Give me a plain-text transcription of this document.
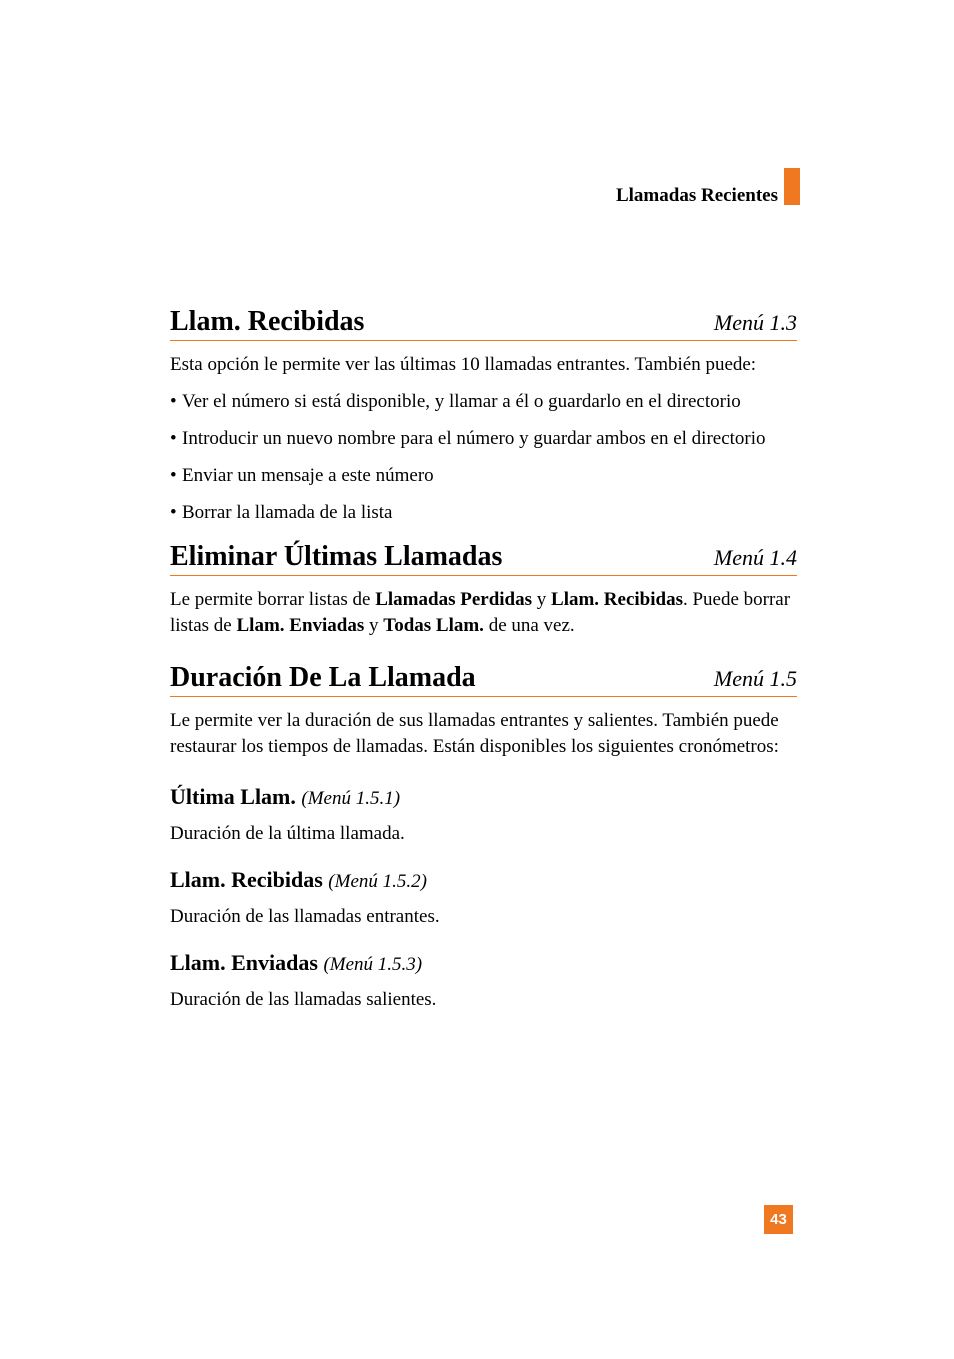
Llamadas Recientes
Llam. Recibidas	Menú 1.3

Esta opción le permite ver las últimas 10 llamadas entrantes. También puede:

• Ver el número si está disponible, y llamar a él o guardarlo en el directorio
• Introducir un nuevo nombre para el número y guardar ambos en el directorio
• Enviar un mensaje a este número
• Borrar la llamada de la lista
Eliminar Últimas Llamadas	Menú 1.4

Le permite borrar listas de Llamadas Perdidas y Llam. Recibidas. Puede borrar listas de Llam. Enviadas y Todas Llam. de una vez.

Duración De La Llamada	Menú 1.5

Le permite ver la duración de sus llamadas entrantes y salientes. También puede restaurar los tiempos de llamadas. Están disponibles los siguientes cronómetros:

Última Llam. (Menú 1.5.1)

Duración de la última llamada.

Llam. Recibidas (Menú 1.5.2)

Duración de las llamadas entrantes.

Llam. Enviadas (Menú 1.5.3)

Duración de las llamadas salientes.

43
